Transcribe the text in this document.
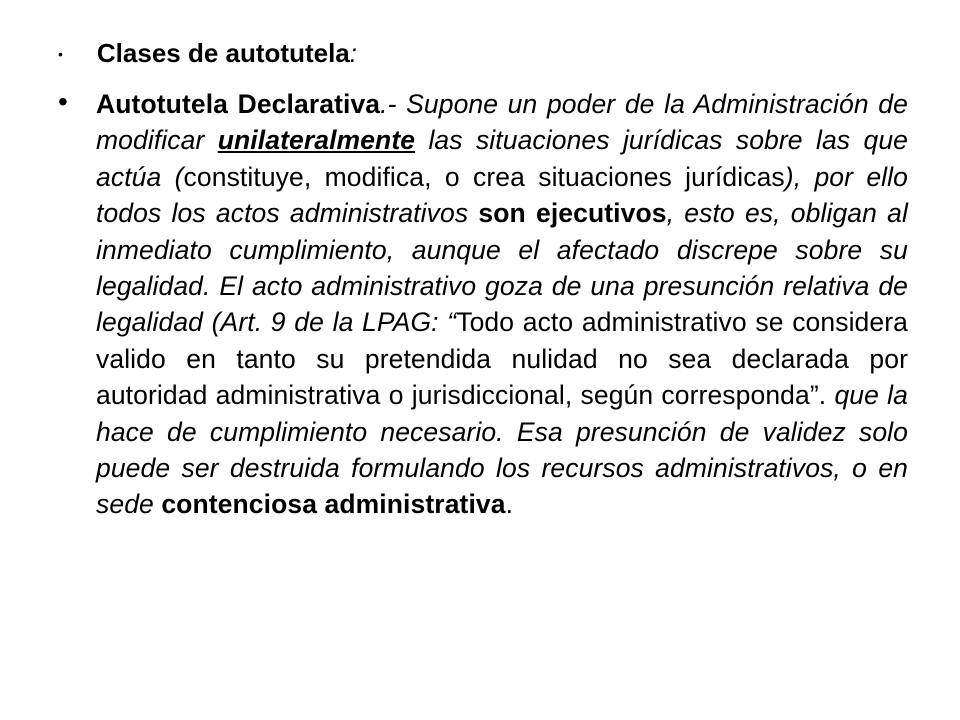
• Clases de autotutela:
• Autotutela Declarativa.- Supone un poder de la Administración de modificar unilateralmente las situaciones jurídicas sobre las que actúa (constituye, modifica, o crea situaciones jurídicas), por ello todos los actos administrativos son ejecutivos, esto es, obligan al inmediato cumplimiento, aunque el afectado discrepe sobre su legalidad. El acto administrativo goza de una presunción relativa de legalidad (Art. 9 de la LPAG: “Todo acto administrativo se considera valido en tanto su pretendida nulidad no sea declarada por autoridad administrativa o jurisdiccional, según corresponda”. que la hace de cumplimiento necesario. Esa presunción de validez solo puede ser destruida formulando los recursos administrativos, o en sede contenciosa administrativa.
